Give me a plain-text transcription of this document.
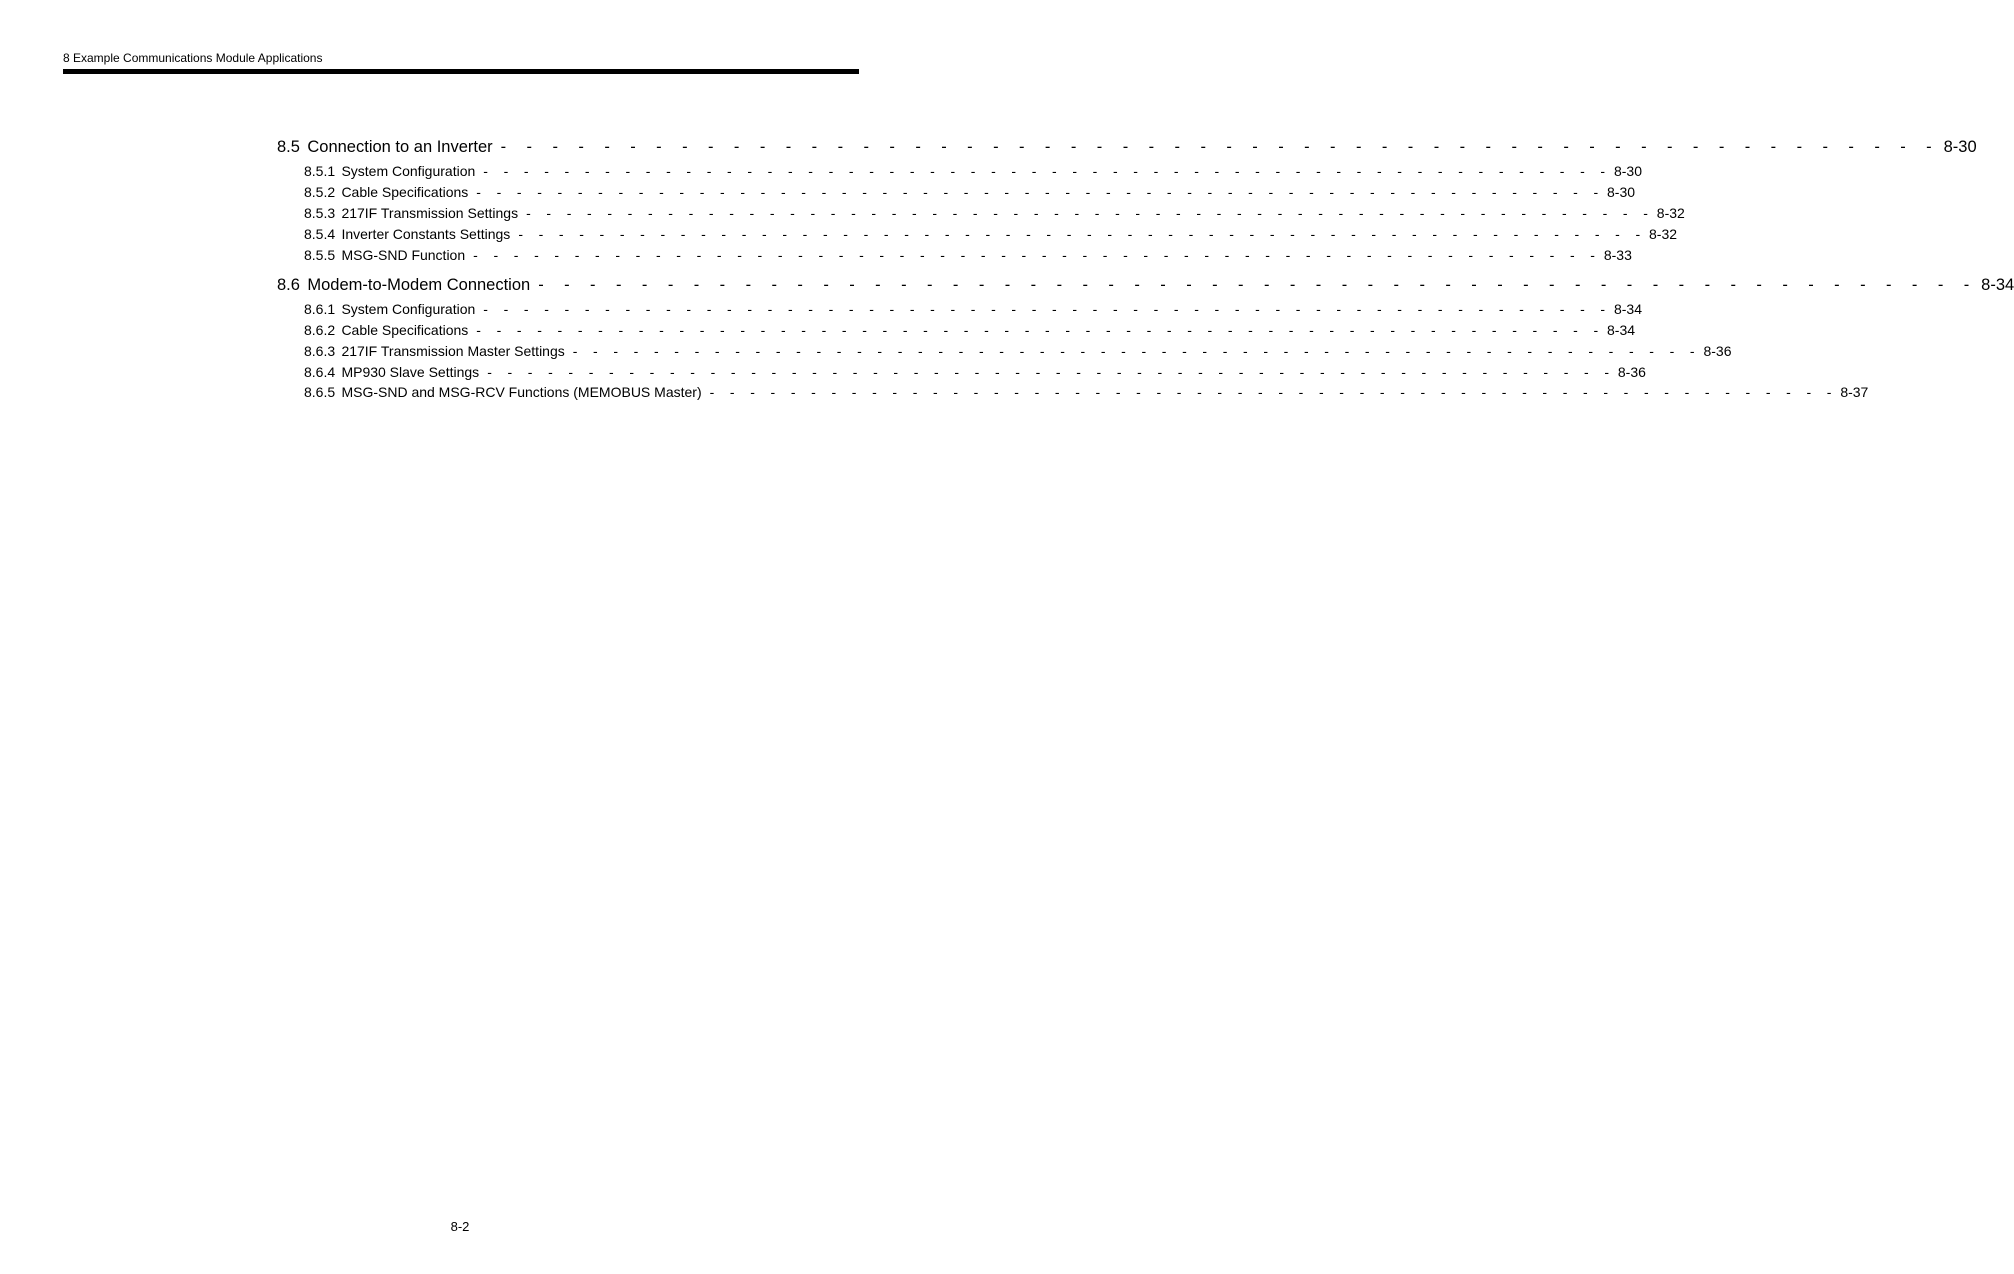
8 Example Communications Module Applications
8.5 Connection to an Inverter - - - - - - - - - - - - - - - - - - - - - - - - - - - - - - - - - - - - - - - - - - - - - - - - - - - - - - - - 8-30
8.5.1 System Configuration - - - - - - - - - - - - - - - - - - - - - - - - - - - - - - - - - - - - - - - - - - - - - - - - - - - - - - - - 8-30
8.5.2 Cable Specifications - - - - - - - - - - - - - - - - - - - - - - - - - - - - - - - - - - - - - - - - - - - - - - - - - - - - - - - - 8-30
8.5.3 217IF Transmission Settings - - - - - - - - - - - - - - - - - - - - - - - - - - - - - - - - - - - - - - - - - - - - - - - - - - - - - - - - 8-32
8.5.4 Inverter Constants Settings - - - - - - - - - - - - - - - - - - - - - - - - - - - - - - - - - - - - - - - - - - - - - - - - - - - - - - - - 8-32
8.5.5 MSG-SND Function - - - - - - - - - - - - - - - - - - - - - - - - - - - - - - - - - - - - - - - - - - - - - - - - - - - - - - - - 8-33
8.6 Modem-to-Modem Connection - - - - - - - - - - - - - - - - - - - - - - - - - - - - - - - - - - - - - - - - - - - - - - - - - - - - - - - - 8-34
8.6.1 System Configuration - - - - - - - - - - - - - - - - - - - - - - - - - - - - - - - - - - - - - - - - - - - - - - - - - - - - - - - - 8-34
8.6.2 Cable Specifications - - - - - - - - - - - - - - - - - - - - - - - - - - - - - - - - - - - - - - - - - - - - - - - - - - - - - - - - 8-34
8.6.3 217IF Transmission Master Settings - - - - - - - - - - - - - - - - - - - - - - - - - - - - - - - - - - - - - - - - - - - - - - - - - - - - - - - - 8-36
8.6.4 MP930 Slave Settings - - - - - - - - - - - - - - - - - - - - - - - - - - - - - - - - - - - - - - - - - - - - - - - - - - - - - - - - 8-36
8.6.5 MSG-SND and MSG-RCV Functions (MEMOBUS Master) - - - - - - - - - - - - - - - - - - - - - - - - - - - - - - - - - - - - - - - - - - - - - - - - - - - - - - - - 8-37
8-2
